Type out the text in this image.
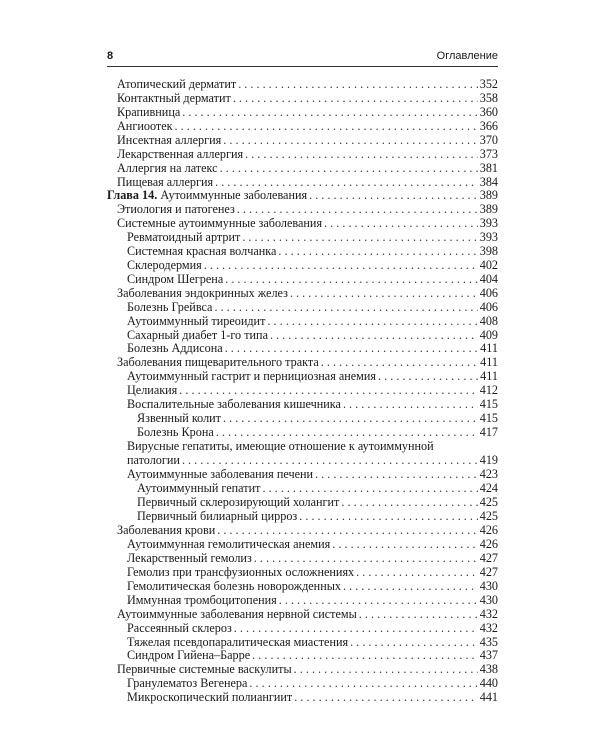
8	Оглавление
Атопический дерматит . . .	352
Контактный дерматит . . .	358
Крапивница . . .	360
Ангиоотек . . .	366
Инсектная аллергия . . .	370
Лекарственная аллергия . . .	373
Аллергия на латекс . . .	381
Пищевая аллергия . . .	384
Глава 14. Аутоиммунные заболевания . . .	389
Этиология и патогенез . . .	389
Системные аутоиммунные заболевания . . .	393
Ревматоидный артрит . . .	393
Системная красная волчанка . . .	398
Склеродермия . . .	402
Синдром Шегрена . . .	404
Заболевания эндокринных желез . . .	406
Болезнь Грейвса . . .	406
Аутоиммунный тиреоидит . . .	408
Сахарный диабет 1-го типа . . .	409
Болезнь Аддисона . . .	411
Заболевания пищеварительного тракта . . .	411
Аутоиммунный гастрит и пернициозная анемия . . .	411
Целиакия . . .	412
Воспалительные заболевания кишечника . . .	415
Язвенный колит . . .	415
Болезнь Крона . . .	417
Вирусные гепатиты, имеющие отношение к аутоиммунной
патологии . . .	419
Аутоиммунные заболевания печени . . .	423
Аутоиммунный гепатит . . .	424
Первичный склерозирующий холангит . . .	425
Первичный билиарный цирроз . . .	425
Заболевания крови . . .	426
Аутоиммунная гемолитическая анемия . . .	426
Лекарственный гемолиз . . .	427
Гемолиз при трансфузионных осложнениях . . .	427
Гемолитическая болезнь новорожденных . . .	430
Иммунная тромбоцитопения . . .	430
Аутоиммунные заболевания нервной системы . . .	432
Рассеянный склероз . . .	432
Тяжелая псевдопаралитическая миастения . . .	435
Синдром Гийена–Барре . . .	437
Первичные системные васкулиты . . .	438
Гранулематоз Вегенера . . .	440
Микроскопический полиангиит . . .	441
